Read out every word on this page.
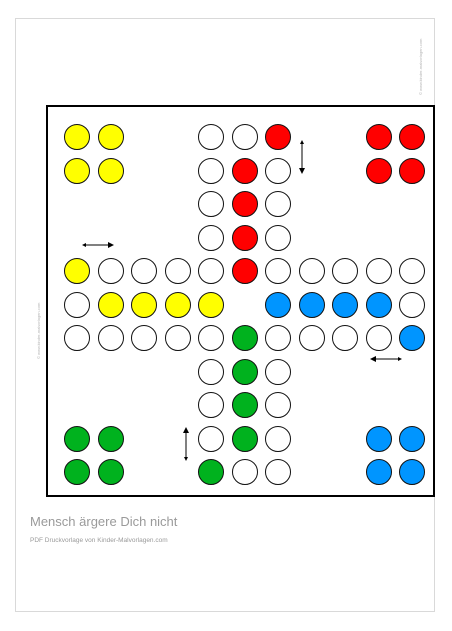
© www.kinder-malvorlagen.com
© www.kinder-malvorlagen.com
Mensch ärgere Dich nicht
PDF Druckvorlage von Kinder-Malvorlagen.com
